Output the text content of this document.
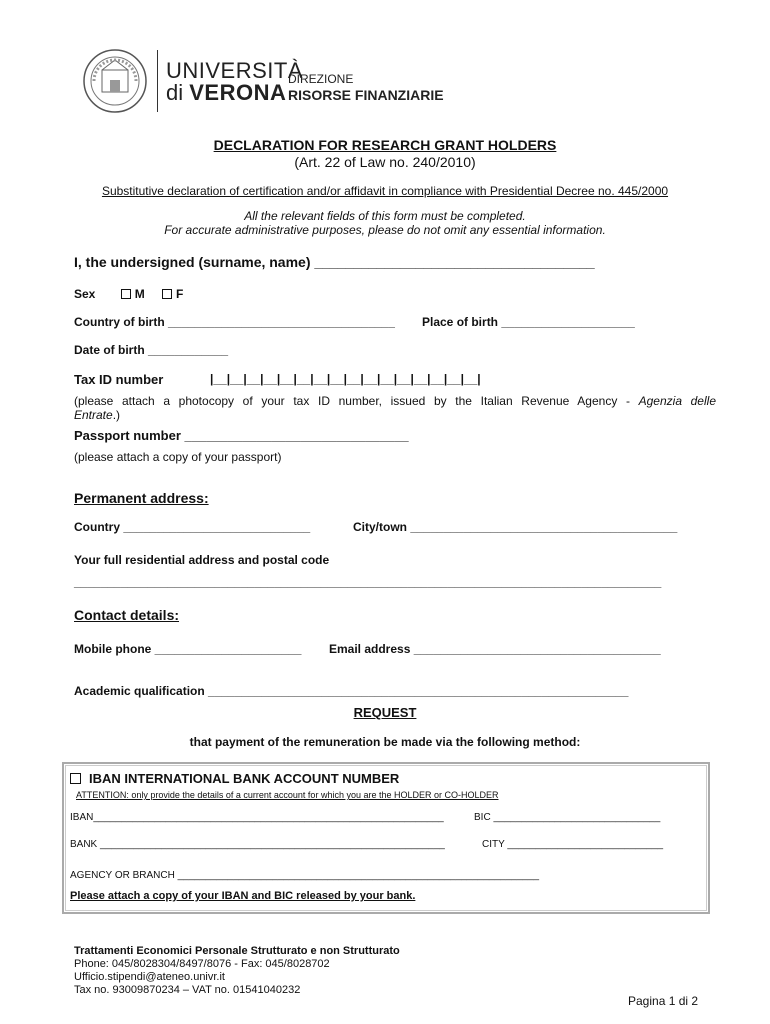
UNIVERSITÀ
di VERONA
DIREZIONE
RISORSE FINANZIARIE
DECLARATION FOR RESEARCH GRANT HOLDERS
(Art. 22 of Law no. 240/2010)
Substitutive declaration of certification and/or affidavit in compliance with Presidential Decree no. 445/2000
All the relevant fields of this form must be completed.
For accurate administrative purposes, please do not omit any essential information.
I, the undersigned (surname, name) ____________________________________
Sex	M	F
Country of birth __________________________________ Place of birth ____________________
Date of birth ____________
Tax ID number	|__|__|__|__|__|__|__|__|__|__|__|__|__|__|__|__|
(please attach a photocopy of your tax ID number, issued by the Italian Revenue Agency - Agenzia delle
Entrate.)
Passport number _______________________________
(please attach a copy of your passport)
Permanent address:
Country ____________________________	City/town ________________________________________
Your full residential address and postal code
________________________________________________________________________________________
Contact details:
Mobile phone ______________________ Email address _____________________________________
Academic qualification _______________________________________________________________
REQUEST
that payment of the remuneration be made via the following method:
IBAN INTERNATIONAL BANK ACCOUNT NUMBER
ATTENTION: only provide the details of a current account for which you are the HOLDER or CO-HOLDER
IBAN_______________________________________________________________	BIC ______________________________
BANK ______________________________________________________________	CITY ____________________________
AGENCY OR BRANCH _________________________________________________________________
Please attach a copy of your IBAN and BIC released by your bank.
Trattamenti Economici Personale Strutturato e non Strutturato
Phone: 045/8028304/8497/8076 - Fax: 045/8028702
Ufficio.stipendi@ateneo.univr.it
Tax no. 93009870234 – VAT no. 01541040232
Pagina 1 di 2
